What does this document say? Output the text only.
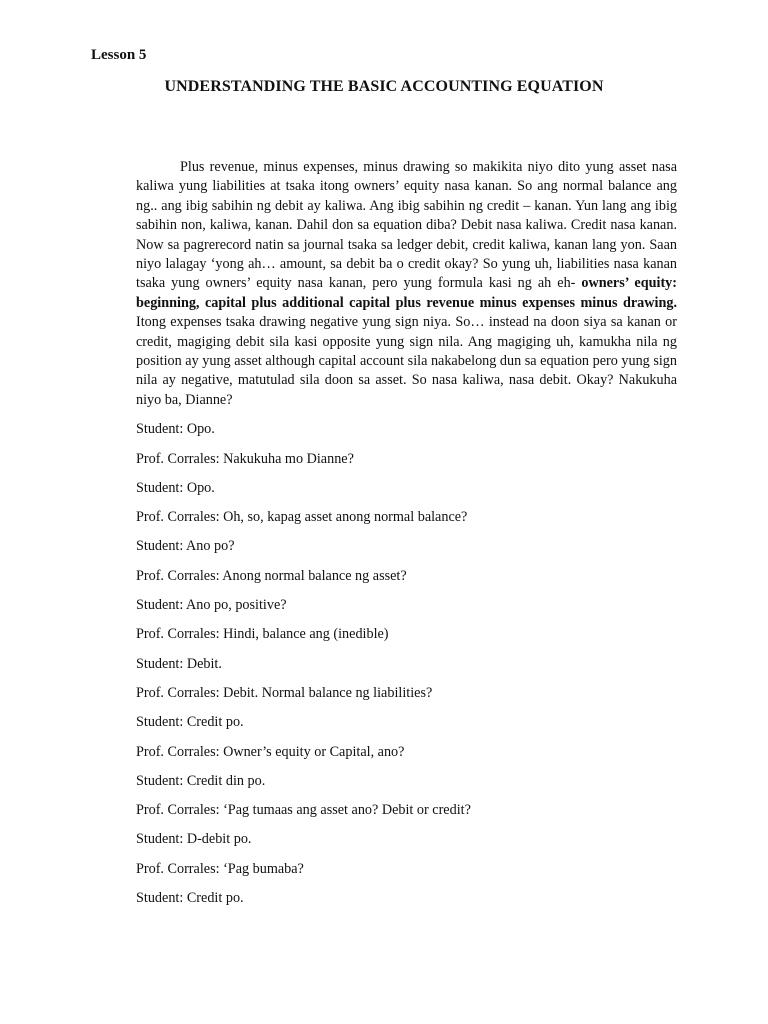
Lesson 5
UNDERSTANDING THE BASIC ACCOUNTING EQUATION

Plus revenue, minus expenses, minus drawing so makikita niyo dito yung asset nasa kaliwa yung liabilities at tsaka itong owners’ equity nasa kanan. So ang normal balance ang ng.. ang ibig sabihin ng debit ay kaliwa. Ang ibig sabihin ng credit – kanan. Yun lang ang ibig sabihin non, kaliwa, kanan. Dahil don sa equation diba? Debit nasa kaliwa. Credit nasa kanan. Now sa pagrerecord natin sa journal tsaka sa ledger debit, credit kaliwa, kanan lang yon. Saan niyo lalagay ‘yong ah… amount, sa debit ba o credit okay? So yung uh, liabilities nasa kanan tsaka yung owners’ equity nasa kanan, pero yung formula kasi ng ah eh- owners’ equity: beginning, capital plus additional capital plus revenue minus expenses minus drawing. Itong expenses tsaka drawing negative yung sign niya. So… instead na doon siya sa kanan or credit, magiging debit sila kasi opposite yung sign nila. Ang magiging uh, kamukha nila ng position ay yung asset although capital account sila nakabelong dun sa equation pero yung sign nila ay negative, matutulad sila doon sa asset. So nasa kaliwa, nasa debit. Okay? Nakukuha niyo ba, Dianne?

Student: Opo.
Prof. Corrales: Nakukuha mo Dianne?
Student: Opo.
Prof. Corrales: Oh, so, kapag asset anong normal balance?
Student: Ano po?
Prof. Corrales: Anong normal balance ng asset?
Student: Ano po, positive?
Prof. Corrales: Hindi, balance ang (inedible)
Student: Debit.
Prof. Corrales: Debit. Normal balance ng liabilities?
Student: Credit po.
Prof. Corrales: Owner’s equity or Capital, ano?
Student: Credit din po.
Prof. Corrales: ‘Pag tumaas ang asset ano? Debit or credit?
Student: D-debit po.
Prof. Corrales: ‘Pag bumaba?
Student: Credit po.
